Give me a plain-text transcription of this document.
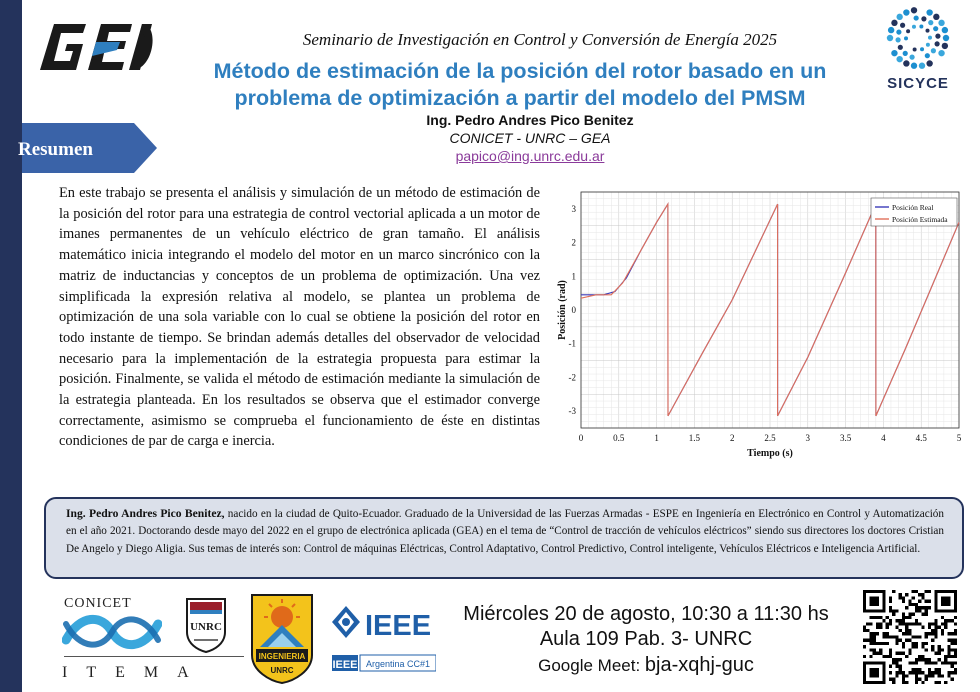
GED
SICYCE
Seminario de Investigación en Control y Conversión de Energía 2025
Método de estimación de la posición del rotor basado en un problema de optimización a partir del modelo del PMSM
Ing. Pedro Andres Pico Benitez
CONICET - UNRC – GEA
papico@ing.unrc.edu.ar
Resumen
En este trabajo se presenta el análisis y simulación de un método de estimación de la posición del rotor para una estrategia de control vectorial aplicada a un motor de imanes permanentes de un vehículo eléctrico de gran tamaño. El análisis matemático inicia integrando el modelo del motor en un marco sincrónico con la matriz de inductancias y conceptos de un problema de optimización. Una vez simplificada la expresión relativa al modelo, se plantea un problema de optimización de una sola variable con lo cual se obtiene la posición del rotor en todo instante de tiempo. Se brindan además detalles del observador de velocidad necesario para la implementación de la estrategia propuesta para estimar la posición. Finalmente, se valida el método de estimación mediante la simulación de la estrategia planteada. En los resultados se observa que el estimador converge correctamente, asimismo se comprueba el funcionamiento de éste en distintas condiciones de par de carga e inercia.
-3
-2
-1
0
1
2
3
0	0.5	1	1.5	2	2.5	3	3.5	4	4.5	5
Tiempo (s)
Posición (rad)
Posición Real
Posición Estimada
Ing. Pedro Andres Pico Benitez, nacido en la ciudad de Quito-Ecuador. Graduado de la Universidad de las Fuerzas Armadas - ESPE en Ingeniería en Electrónico en Control y Automatización en el año 2021. Doctorando desde mayo del 2022 en el grupo de electrónica aplicada (GEA) en el tema de “Control de tracción de vehículos eléctricos” siendo sus directores los doctores Cristian De Angelo y Diego Aligia. Sus temas de interés son: Control de máquinas Eléctricas, Control Adaptativo, Control Predictivo, Control inteligente, Vehículos Eléctricos e Inteligencia Artificial.
CONICET
ITEMA
UNRC
INGENIERIA
UNRC
IEEE
IEEE Argentina CC#1
Miércoles 20 de agosto, 10:30 a 11:30 hs
Aula 109 Pab. 3- UNRC
Google Meet: bja-xqhj-guc
